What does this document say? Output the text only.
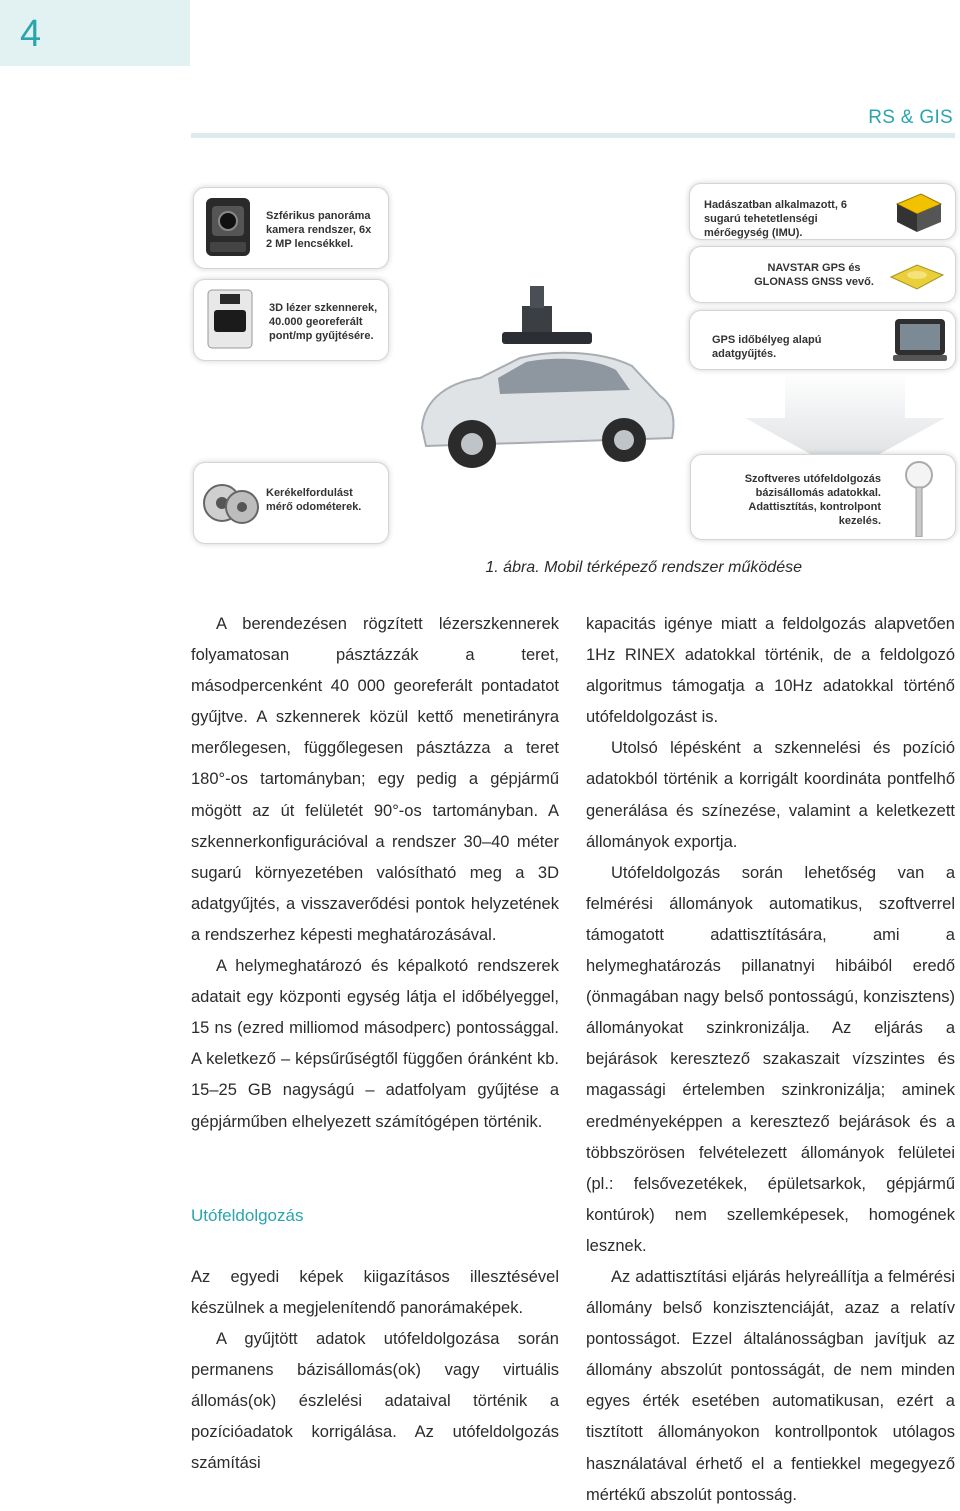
4
RS & GIS
Szférikus panoráma kamera rendszer, 6x 2 MP lencsékkel.
3D lézer szkennerek, 40.000 georeferált pont/mp gyűjtésére.
Kerékelfordulást mérő odométerek.
Hadászatban alkalmazott, 6 sugarú tehetetlenségi mérőegység (IMU).
NAVSTAR GPS és GLONASS GNSS vevő.
GPS időbélyeg alapú adatgyűjtés.
Szoftveres utófeldolgozás bázisállomás adatokkal. Adattisztítás, kontrolpont kezelés.
1. ábra. Mobil térképező rendszer működése

A berendezésen rögzített lézerszkennerek folyamatosan pásztázzák a teret, másodpercenként 40 000 georeferált pontadatot gyűjtve. A szkennerek közül kettő menetirányra merőlegesen, függőlegesen pásztázza a teret 180°-os tartományban; egy pedig a gépjármű mögött az út felületét 90°-os tartományban. A szkennerkonfigurációval a rendszer 30–40 méter sugarú környezetében valósítható meg a 3D adatgyűjtés, a visszaverődési pontok helyzetének a rendszerhez képesti meghatározásával.

A helymeghatározó és képalkotó rendszerek adatait egy központi egység látja el időbélyeggel, 15 ns (ezred milliomod másodperc) pontossággal. A keletkező – képsűrűségtől függően óránként kb. 15–25 GB nagyságú – adatfolyam gyűjtése a gépjárműben elhelyezett számítógépen történik.

Utófeldolgozás

Az egyedi képek kiigazításos illesztésével készülnek a megjelenítendő panorámaképek.

A gyűjtött adatok utófeldolgozása során permanens bázisállomás(ok) vagy virtuális állomás(ok) észlelési adataival történik a pozícióadatok korrigálása. Az utófeldolgozás számítási

kapacitás igénye miatt a feldolgozás alapvetően 1Hz RINEX adatokkal történik, de a feldolgozó algoritmus támogatja a 10Hz adatokkal történő utófeldolgozást is.

Utolsó lépésként a szkennelési és pozíció adatokból történik a korrigált koordináta pontfelhő generálása és színezése, valamint a keletkezett állományok exportja.

Utófeldolgozás során lehetőség van a felmérési állományok automatikus, szoftverrel támogatott adattisztítására, ami a helymeghatározás pillanatnyi hibáiból eredő (önmagában nagy belső pontosságú, konzisztens) állományokat szinkronizálja. Az eljárás a bejárások keresztező szakaszait vízszintes és magassági értelemben szinkronizálja; aminek eredményeképpen a keresztező bejárások és a többszörösen felvételezett állományok felületei (pl.: felsővezetékek, épületsarkok, gépjármű kontúrok) nem szellemképesek, homogének lesznek.

Az adattisztítási eljárás helyreállítja a felmérési állomány belső konzisztenciáját, azaz a relatív pontosságot. Ezzel általánosságban javítjuk az állomány abszolút pontosságát, de nem minden egyes érték esetében automatikusan, ezért a tisztított állományokon kontrollpontok utólagos használatával érhető el a fentiekkel megegyező mértékű abszolút pontosság.
